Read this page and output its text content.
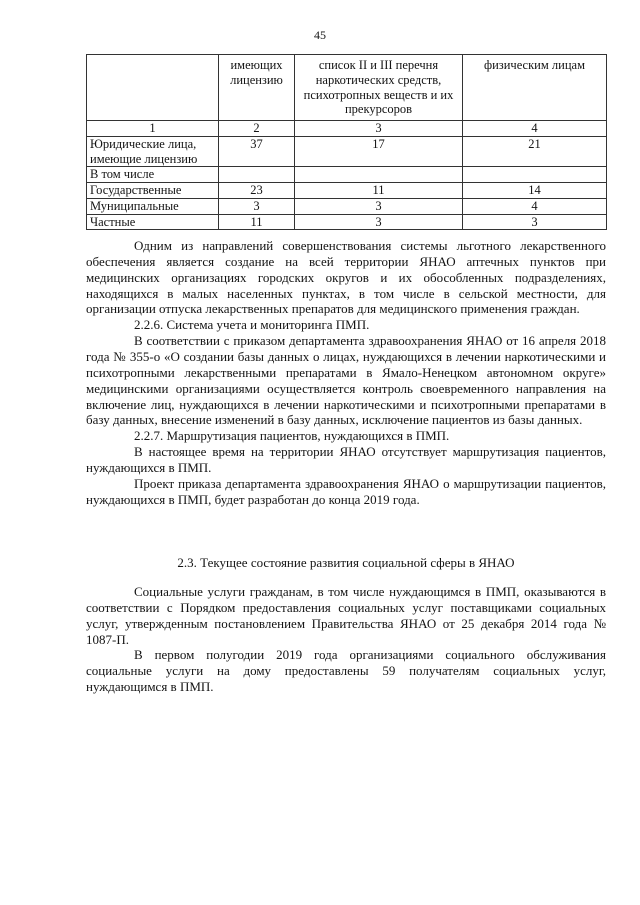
45
	имеющих лицензию	список II и III перечня наркотических средств, психотропных веществ и их прекурсоров	физическим лицам
1	2	3	4
Юридические лица, имеющие лицензию	37	17	21
В том числе			
Государственные	23	11	14
Муниципальные	3	3	4
Частные	11	3	3
Одним из направлений совершенствования системы льготного лекарственного обеспечения является создание на всей территории ЯНАО аптечных пунктов при медицинских организациях городских округов и их обособленных подразделениях, находящихся в малых населенных пунктах, в том числе в сельской местности, для организации отпуска лекарственных препаратов для медицинского применения граждан.
2.2.6. Система учета и мониторинга ПМП.
В соответствии с приказом департамента здравоохранения ЯНАО от 16 апреля 2018 года № 355-о «О создании базы данных о лицах, нуждающихся в лечении наркотическими и психотропными лекарственными препаратами в Ямало-Ненецком автономном округе» медицинскими организациями осуществляется контроль своевременного направления на включение лиц, нуждающихся в лечении наркотическими и психотропными препаратами в базу данных, внесение изменений в базу данных, исключение пациентов из базы данных.
2.2.7. Маршрутизация пациентов, нуждающихся в ПМП.
В настоящее время на территории ЯНАО отсутствует маршрутизация пациентов, нуждающихся в ПМП.
Проект приказа департамента здравоохранения ЯНАО о маршрутизации пациентов, нуждающихся в ПМП, будет разработан до конца 2019 года.
2.3. Текущее состояние развития социальной сферы в ЯНАО
Социальные услуги гражданам, в том числе нуждающимся в ПМП, оказываются в соответствии с Порядком предоставления социальных услуг поставщиками социальных услуг, утвержденным постановлением Правительства ЯНАО от 25 декабря 2014 года № 1087-П.
В первом полугодии 2019 года организациями социального обслуживания социальные услуги на дому предоставлены 59 получателям социальных услуг, нуждающимся в ПМП.
